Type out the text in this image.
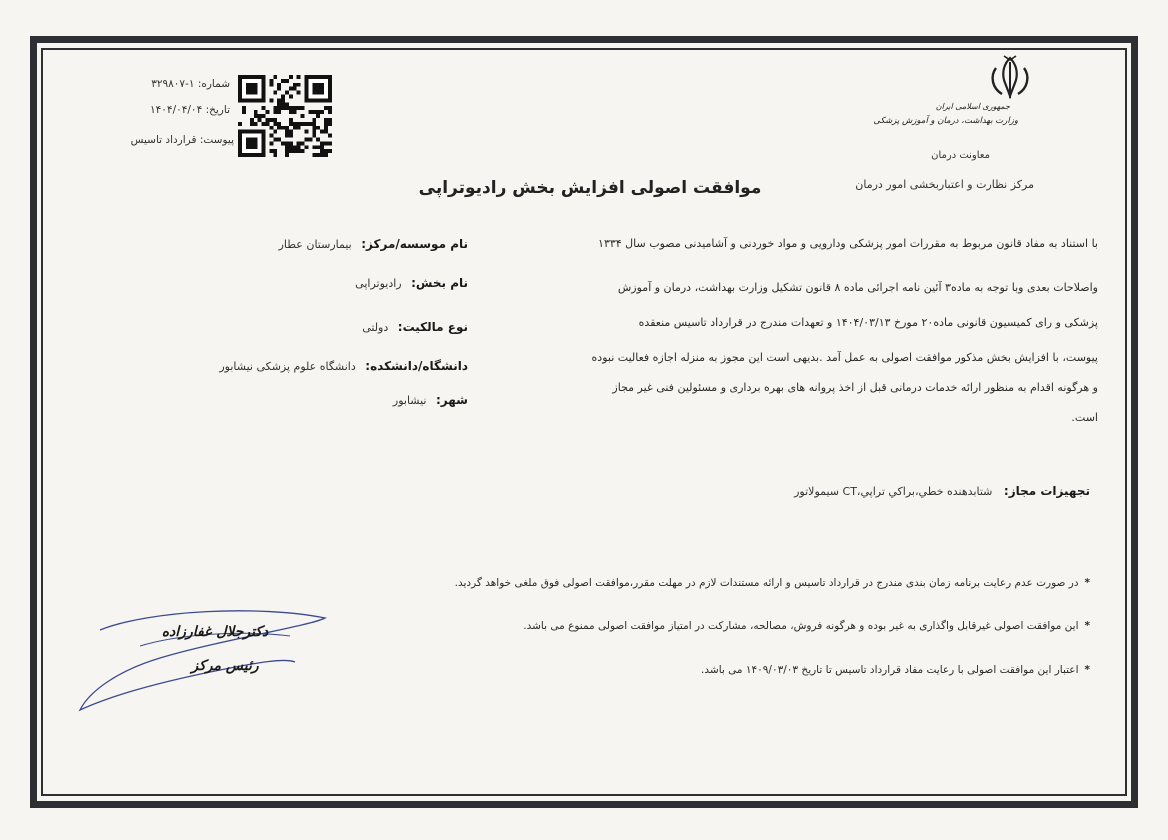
جمهوری اسلامی ایران
وزارت بهداشت، درمان و آموزش پزشکی
معاونت درمان
مرکز نظارت و اعتباربخشی امور درمان
شماره: ۱-۳۲۹۸۰۷
تاریخ: ۱۴۰۴/۰۴/۰۴
پیوست: قرارداد تاسیس
موافقت اصولی افزایش بخش رادیوتراپی
با استناد به مفاد قانون مربوط به مقررات امور پزشکی ودارویی و مواد خوردنی و آشامیدنی مصوب سال ۱۳۳۴
واصلاحات بعدی وبا توجه به ماده۳ آئین نامه اجرائی ماده ۸ قانون تشکیل وزارت بهداشت، درمان و آموزش
پزشکی و رای کمیسیون قانونی ماده۲۰ مورخ ۱۴۰۴/۰۳/۱۳ و تعهدات مندرج در قرارداد تاسیس منعقده
پیوست، با افزایش بخش مذکور موافقت اصولی به عمل آمد .بدیهی است این مجوز به منزله اجازه فعالیت نبوده
و هرگونه اقدام به منظور ارائه خدمات درمانی قبل از اخذ پروانه های بهره برداری و مسئولین فنی غیر مجاز
است.
نام موسسه/مرکز: بیمارستان عطار
نام بخش: رادیوتراپی
نوع مالکیت: دولتی
دانشگاه/دانشکده: دانشگاه علوم پزشکی نیشابور
شهر: نیشابور
تجهیزات مجاز: شتابدهنده خطي،براكي تراپي،CT سيمولاتور
*در صورت عدم رعایت برنامه زمان بندی مندرج در قرارداد تاسیس و ارائه مستندات لازم در مهلت مقرر،موافقت اصولی فوق ملغی خواهد گردید.
*این موافقت اصولی غیرقابل واگذاری به غیر بوده و هرگونه فروش، مصالحه، مشارکت در امتیاز موافقت اصولی ممنوع می باشد.
*اعتبار این موافقت اصولی با رعایت مفاد قرارداد تاسیس تا تاریخ ۱۴۰۹/۰۳/۰۳ می باشد.
دکترجلال غفارزاده
رئیس مرکز
